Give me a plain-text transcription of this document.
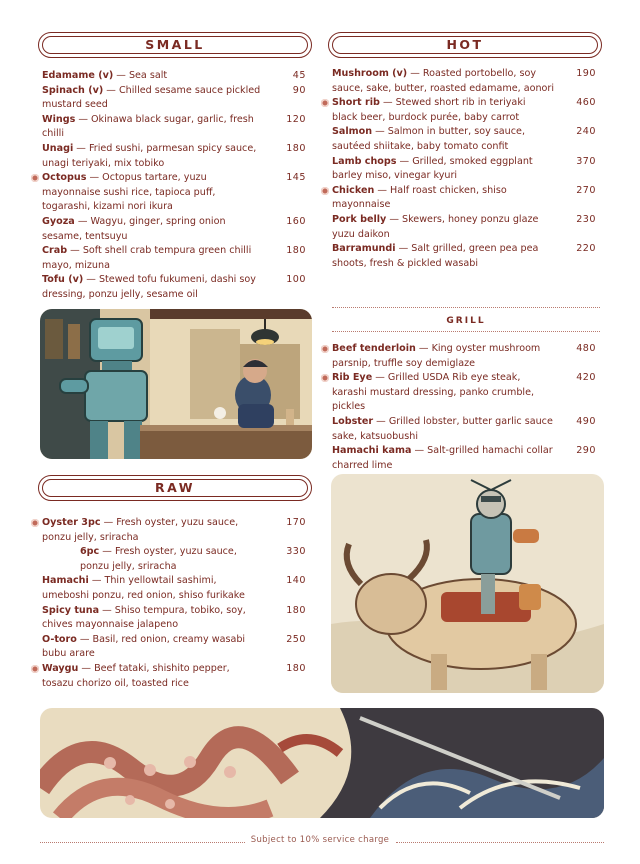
SMALL
Edamame (v) — Sea salt	45
Spinach (v) — Chilled sesame sauce pickled mustard seed
90
Wings — Okinawa black sugar, garlic, fresh chilli
120
Unagi — Fried sushi, parmesan spicy sauce, unagi teriyaki, mix tobiko
180
Octopus — Octopus tartare, yuzu mayonnaise sushi rice, tapioca puff, togarashi, kizami nori ikura
145
Gyoza — Wagyu, ginger, spring onion sesame, tentsuyu
160
Crab — Soft shell crab tempura green chilli mayo, mizuna
180
Tofu (v) — Stewed tofu fukumeni, dashi soy dressing, ponzu jelly, sesame oil
100
HOT
Mushroom (v) — Roasted portobello, soy sauce, sake, butter, roasted edamame, aonori
190
Short rib — Stewed short rib in teriyaki black beer, burdock purée, baby carrot
460
Salmon — Salmon in butter, soy sauce, sautéed shiitake, baby tomato confit
240
Lamb chops — Grilled, smoked eggplant barley miso, vinegar kyuri
370
Chicken — Half roast chicken, shiso mayonnaise
270
Pork belly — Skewers, honey ponzu glaze yuzu daikon
230
Barramundi — Salt grilled, green pea pea shoots, fresh & pickled wasabi
220
GRILL
Beef tenderloin — King oyster mushroom parsnip, truffle soy demiglaze
480
Rib Eye — Grilled USDA Rib eye steak, karashi mustard dressing, panko crumble, pickles
420
Lobster — Grilled lobster, butter garlic sauce sake, katsuobushi
490
Hamachi kama — Salt-grilled hamachi collar charred lime
290
RAW
Oyster 3pc — Fresh oyster, yuzu sauce, ponzu jelly, sriracha
170
6pc — Fresh oyster, yuzu sauce, ponzu jelly, sriracha
330
Hamachi — Thin yellowtail sashimi, umeboshi ponzu, red onion, shiso furikake
140
Spicy tuna — Shiso tempura, tobiko, soy, chives mayonnaise jalapeno
180
O-toro — Basil, red onion, creamy wasabi bubu arare
250
Waygu — Beef tataki, shishito pepper, tosazu chorizo oil, toasted rice
180
Subject to 10% service charge
